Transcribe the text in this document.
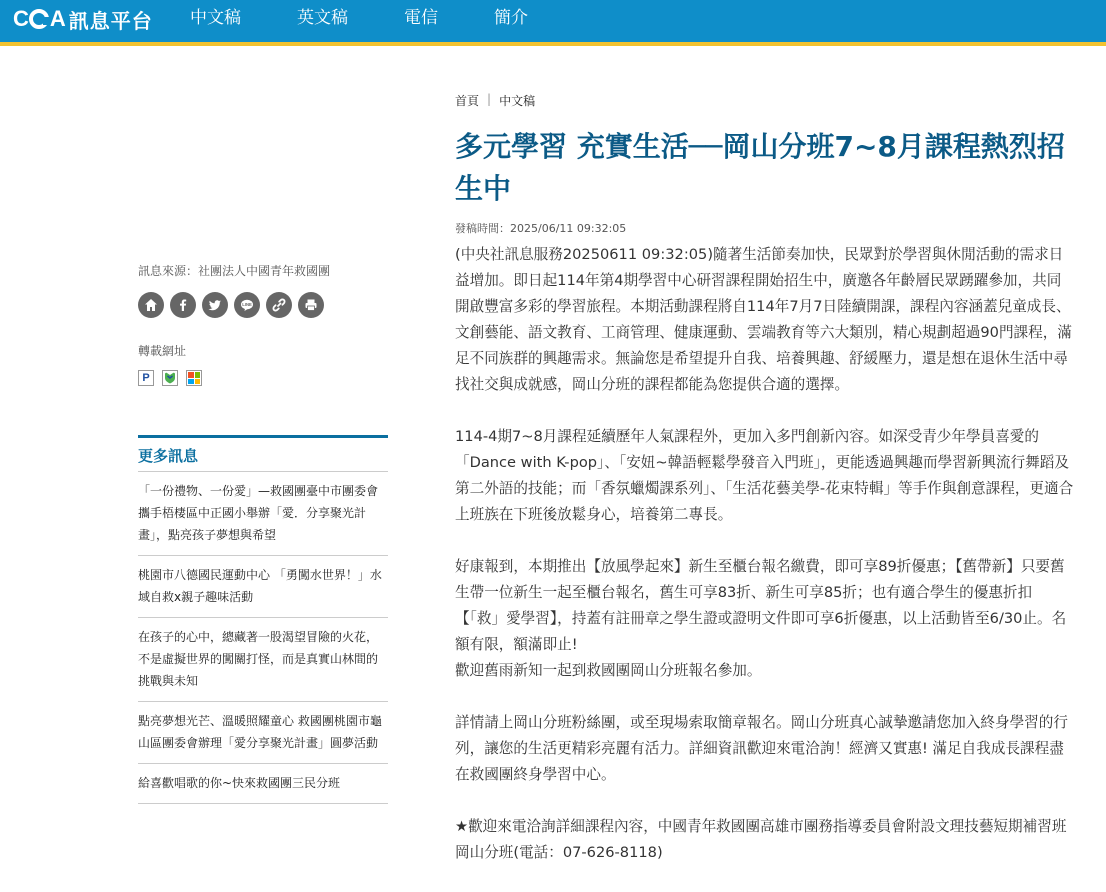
C A 訊息平台	中文稿	英文稿	電信	簡介
訊息來源：社團法人中國青年救國團
LINE
轉載網址
P
更多訊息
「一份禮物、一份愛」—救國團臺中市團委會攜手梧棲區中正國小舉辦「愛．分享聚光計畫」，點亮孩子夢想與希望
桃園市八德國民運動中心 「勇闖水世界！」水域自救x親子趣味活動
在孩子的心中，總藏著一股渴望冒險的火花， 不是虛擬世界的闖關打怪，而是真實山林間的挑戰與未知
點亮夢想光芒、溫暖照耀童心 救國團桃園市龜山區團委會辦理「愛分享聚光計畫」圓夢活動
給喜歡唱歌的你~快來救國團三民分班
首頁 | 中文稿
多元學習 充實生活──岡山分班7~8月課程熱烈招生中
發稿時間：2025/06/11 09:32:05

(中央社訊息服務20250611 09:32:05)隨著生活節奏加快，民眾對於學習與休閒活動的需求日益增加。即日起114年第4期學習中心研習課程開始招生中，廣邀各年齡層民眾踴躍參加，共同開啟豐富多彩的學習旅程。本期活動課程將自114年7月7日陸續開課，課程內容涵蓋兒童成長、文創藝能、語文教育、工商管理、健康運動、雲端教育等六大類別，精心規劃超過90門課程，滿足不同族群的興趣需求。無論您是希望提升自我、培養興趣、舒緩壓力，還是想在退休生活中尋找社交與成就感，岡山分班的課程都能為您提供合適的選擇。

114-4期7~8月課程延續歷年人氣課程外，更加入多門創新內容。如深受青少年學員喜愛的「Dance with K-pop」、「安妞~韓語輕鬆學發音入門班」，更能透過興趣而學習新興流行舞蹈及第二外語的技能；而「香氛蠟燭課系列」、「生活花藝美學-花束特輯」等手作與創意課程，更適合上班族在下班後放鬆身心，培養第二專長。

好康報到，本期推出【放風學起來】新生至櫃台報名繳費，即可享89折優惠；【舊帶新】只要舊生帶一位新生一起至櫃台報名，舊生可享83折、新生可享85折；也有適合學生的優惠折扣【「救」愛學習】，持蓋有註冊章之學生證或證明文件即可享6折優惠，以上活動皆至6/30止。名額有限，額滿即止!
歡迎舊雨新知一起到救國團岡山分班報名參加。

詳情請上岡山分班粉絲團，或至現場索取簡章報名。岡山分班真心誠摯邀請您加入終身學習的行列，讓您的生活更精彩亮麗有活力。詳細資訊歡迎來電洽詢！經濟又實惠! 滿足自我成長課程盡在救國團終身學習中心。

★歡迎來電洽詢詳細課程內容，中國青年救國團高雄市團務指導委員會附設文理技藝短期補習班岡山分班(電話：07-626-8118)
